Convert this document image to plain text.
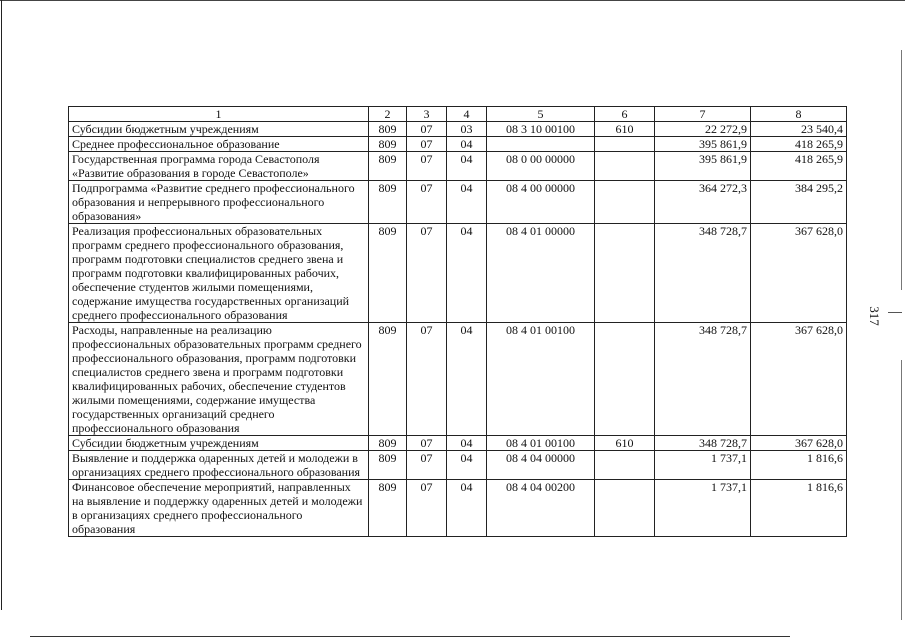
317
1	2	3	4	5	6	7	8
Субсидии бюджетным учреждениям	809	07	03	08 3 10 00100	610	22 272,9	23 540,4
Среднее профессиональное образование	809	07	04			395 861,9	418 265,9
Государственная программа города Севастополя «Развитие образования в городе Севастополе»	809	07	04	08 0 00 00000		395 861,9	418 265,9
Подпрограмма «Развитие среднего профессионального образования и непрерывного профессионального образования»	809	07	04	08 4 00 00000		364 272,3	384 295,2
Реализация профессиональных образовательных программ среднего профессионального образования, программ подготовки специалистов среднего звена и программ подготовки квалифицированных рабочих, обеспечение студентов жилыми помещениями, содержание имущества государственных организаций среднего профессионального образования	809	07	04	08 4 01 00000		348 728,7	367 628,0
Расходы, направленные на реализацию профессиональных образовательных программ среднего профессионального образования, программ подготовки специалистов среднего звена и программ подготовки квалифицированных рабочих, обеспечение студентов жилыми помещениями, содержание имущества государственных организаций среднего профессионального образования	809	07	04	08 4 01 00100		348 728,7	367 628,0
Субсидии бюджетным учреждениям	809	07	04	08 4 01 00100	610	348 728,7	367 628,0
Выявление и поддержка одаренных детей и молодежи в организациях среднего профессионального образования	809	07	04	08 4 04 00000		1 737,1	1 816,6
Финансовое обеспечение мероприятий, направленных на выявление и поддержку одаренных детей и молодежи в организациях среднего профессионального образования	809	07	04	08 4 04 00200		1 737,1	1 816,6
